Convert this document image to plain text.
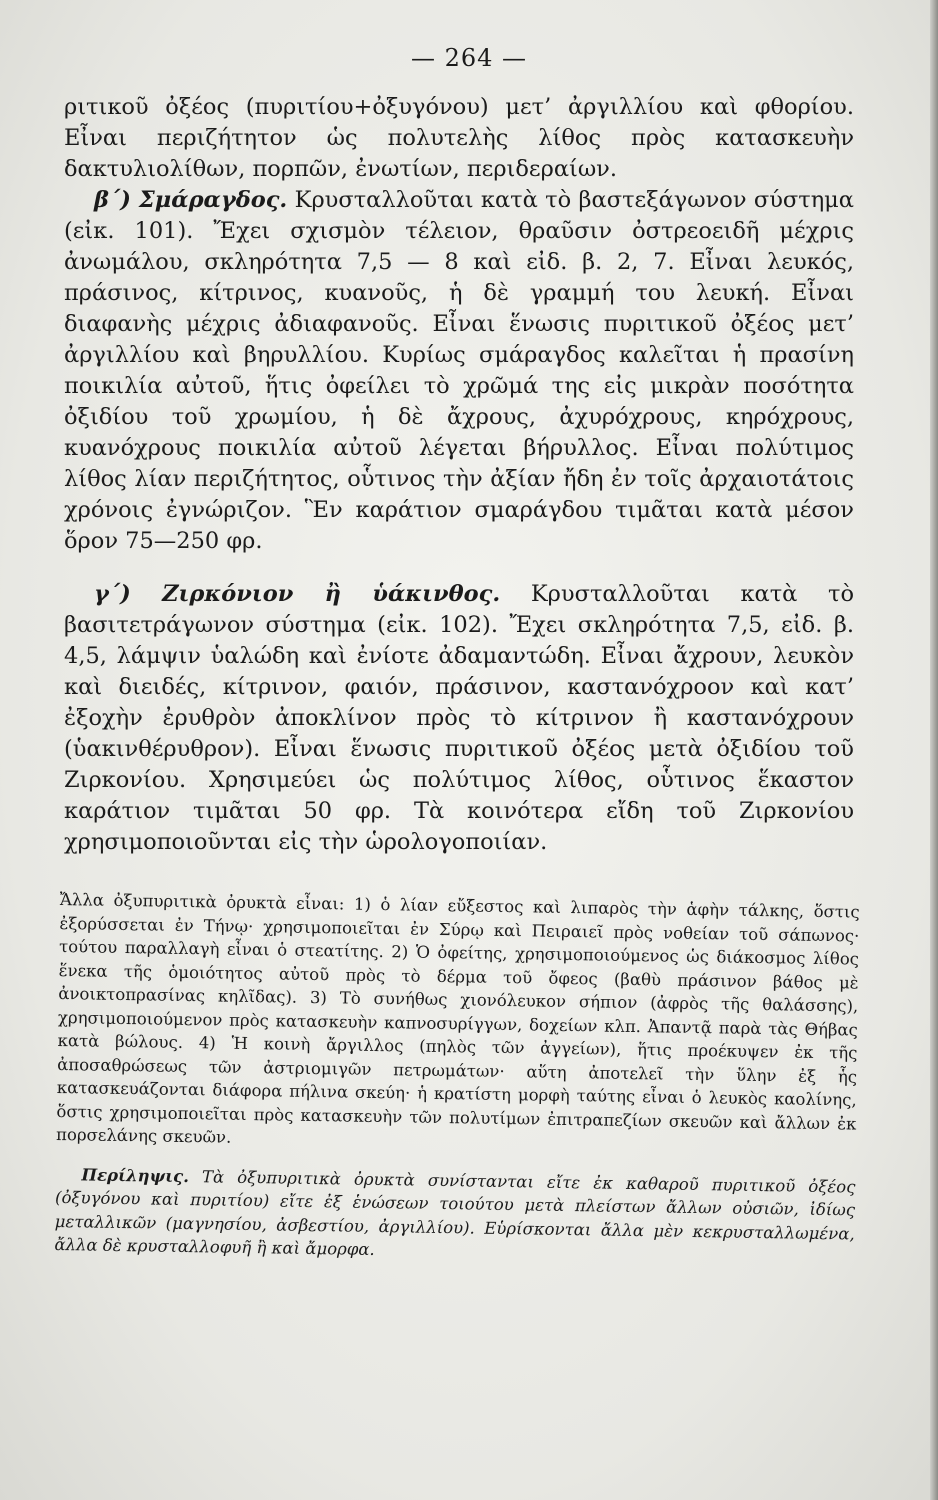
— 264 —

ριτικοῦ ὀξέος (πυριτίου+ὀξυγόνου) μετ’ ἀργιλλίου καὶ φθορίου. Εἶναι περιζήτητον ὡς πολυτελὴς λίθος πρὸς κατασκευὴν δακτυλιολίθων, πορπῶν, ἐνωτίων, περιδεραίων.

β΄) Σμάραγδος. Κρυσταλλοῦται κατὰ τὸ βαστεξάγωνον σύστημα (εἰκ. 101). Ἔχει σχισμὸν τέλειον, θραῦσιν ὀστρεοειδῆ μέχρις ἀνωμάλου, σκληρότητα 7,5 — 8 καὶ εἰδ. β. 2, 7. Εἶναι λευκός, πράσινος, κίτρινος, κυανοῦς, ἡ δὲ γραμμή του λευκή. Εἶναι διαφανὴς μέχρις ἀδιαφανοῦς. Εἶναι ἕνωσις πυριτικοῦ ὀξέος μετ’ ἀργιλλίου καὶ βηρυλλίου. Κυρίως σμάραγδος καλεῖται ἡ πρασίνη ποικιλία αὐτοῦ, ἥτις ὀφείλει τὸ χρῶμά της εἰς μικρὰν ποσότητα ὀξιδίου τοῦ χρωμίου, ἡ δὲ ἄχρους, ἀχυρόχρους, κηρόχρους, κυανόχρους ποικιλία αὐτοῦ λέγεται βήρυλλος. Εἶναι πολύτιμος λίθος λίαν περιζήτητος, οὗτινος τὴν ἀξίαν ἤδη ἐν τοῖς ἀρχαιοτάτοις χρόνοις ἐγνώριζον. Ἓν καράτιον σμαράγδου τιμᾶται κατὰ μέσον ὅρον 75—250 φρ.

γ΄) Ζιρκόνιον ἢ ὑάκινθος. Κρυσταλλοῦται κατὰ τὸ βασιτετράγωνον σύστημα (εἰκ. 102). Ἔχει σκληρότητα 7,5, εἰδ. β. 4,5, λάμψιν ὑαλώδη καὶ ἐνίοτε ἀδαμαντώδη. Εἶναι ἄχρουν, λευκὸν καὶ διειδές, κίτρινον, φαιόν, πράσινον, καστανόχροον καὶ κατ’ ἐξοχὴν ἐρυθρὸν ἀποκλίνον πρὸς τὸ κίτρινον ἢ καστανόχρουν (ὑακινθέρυθρον). Εἶναι ἕνωσις πυριτικοῦ ὀξέος μετὰ ὀξιδίου τοῦ Ζιρκονίου. Χρησιμεύει ὡς πολύτιμος λίθος, οὗτινος ἕκαστον καράτιον τιμᾶται 50 φρ. Τὰ κοινότερα εἴδη τοῦ Ζιρκονίου χρησιμοποιοῦνται εἰς τὴν ὡρολογοποιίαν.

Ἄλλα ὀξυπυριτικὰ ὀρυκτὰ εἶναι: 1) ὁ λίαν εὔξεστος καὶ λιπαρὸς τὴν ἁφὴν τάλκης, ὅστις ἐξορύσσεται ἐν Τήνῳ· χρησιμοποιεῖται ἐν Σύρῳ καὶ Πειραιεῖ πρὸς νοθείαν τοῦ σάπωνος· τούτου παραλλαγὴ εἶναι ὁ στεατίτης. 2) Ὁ ὀφείτης, χρησιμοποιούμενος ὡς διάκοσμος λίθος ἕνεκα τῆς ὁμοιότητος αὐτοῦ πρὸς τὸ δέρμα τοῦ ὄφεος (βαθὺ πράσινον βάθος μὲ ἀνοικτοπρασίνας κηλῖδας). 3) Τὸ συνήθως χιονόλευκον σήπιον (ἀφρὸς τῆς θαλάσσης), χρησιμοποιούμενον πρὸς κατασκευὴν καπνοσυρίγγων, δοχείων κλπ. Ἀπαντᾷ παρὰ τὰς Θήβας κατὰ βώλους. 4) Ἡ κοινὴ ἄργιλλος (πηλὸς τῶν ἀγγείων), ἥτις προέκυψεν ἐκ τῆς ἀποσαθρώσεως τῶν ἀστριομιγῶν πετρωμάτων· αὕτη ἀποτελεῖ τὴν ὕλην ἐξ ἧς κατασκευάζονται διάφορα πήλινα σκεύη· ἡ κρατίστη μορφὴ ταύτης εἶναι ὁ λευκὸς καολίνης, ὅστις χρησιμοποιεῖται πρὸς κατασκευὴν τῶν πολυτίμων ἐπιτραπεζίων σκευῶν καὶ ἄλλων ἐκ πορσελάνης σκευῶν.

Περίληψις. Τὰ ὀξυπυριτικὰ ὀρυκτὰ συνίστανται εἴτε ἐκ καθαροῦ πυριτικοῦ ὀξέος (ὀξυγόνου καὶ πυριτίου) εἴτε ἐξ ἑνώσεων τοιούτου μετὰ πλείστων ἄλλων οὐσιῶν, ἰδίως μεταλλικῶν (μαγνησίου, ἀσβεστίου, ἀργιλλίου). Εὑρίσκονται ἄλλα μὲν κεκρυσταλλωμένα, ἄλλα δὲ κρυσταλλοφυῆ ἢ καὶ ἄμορφα.
